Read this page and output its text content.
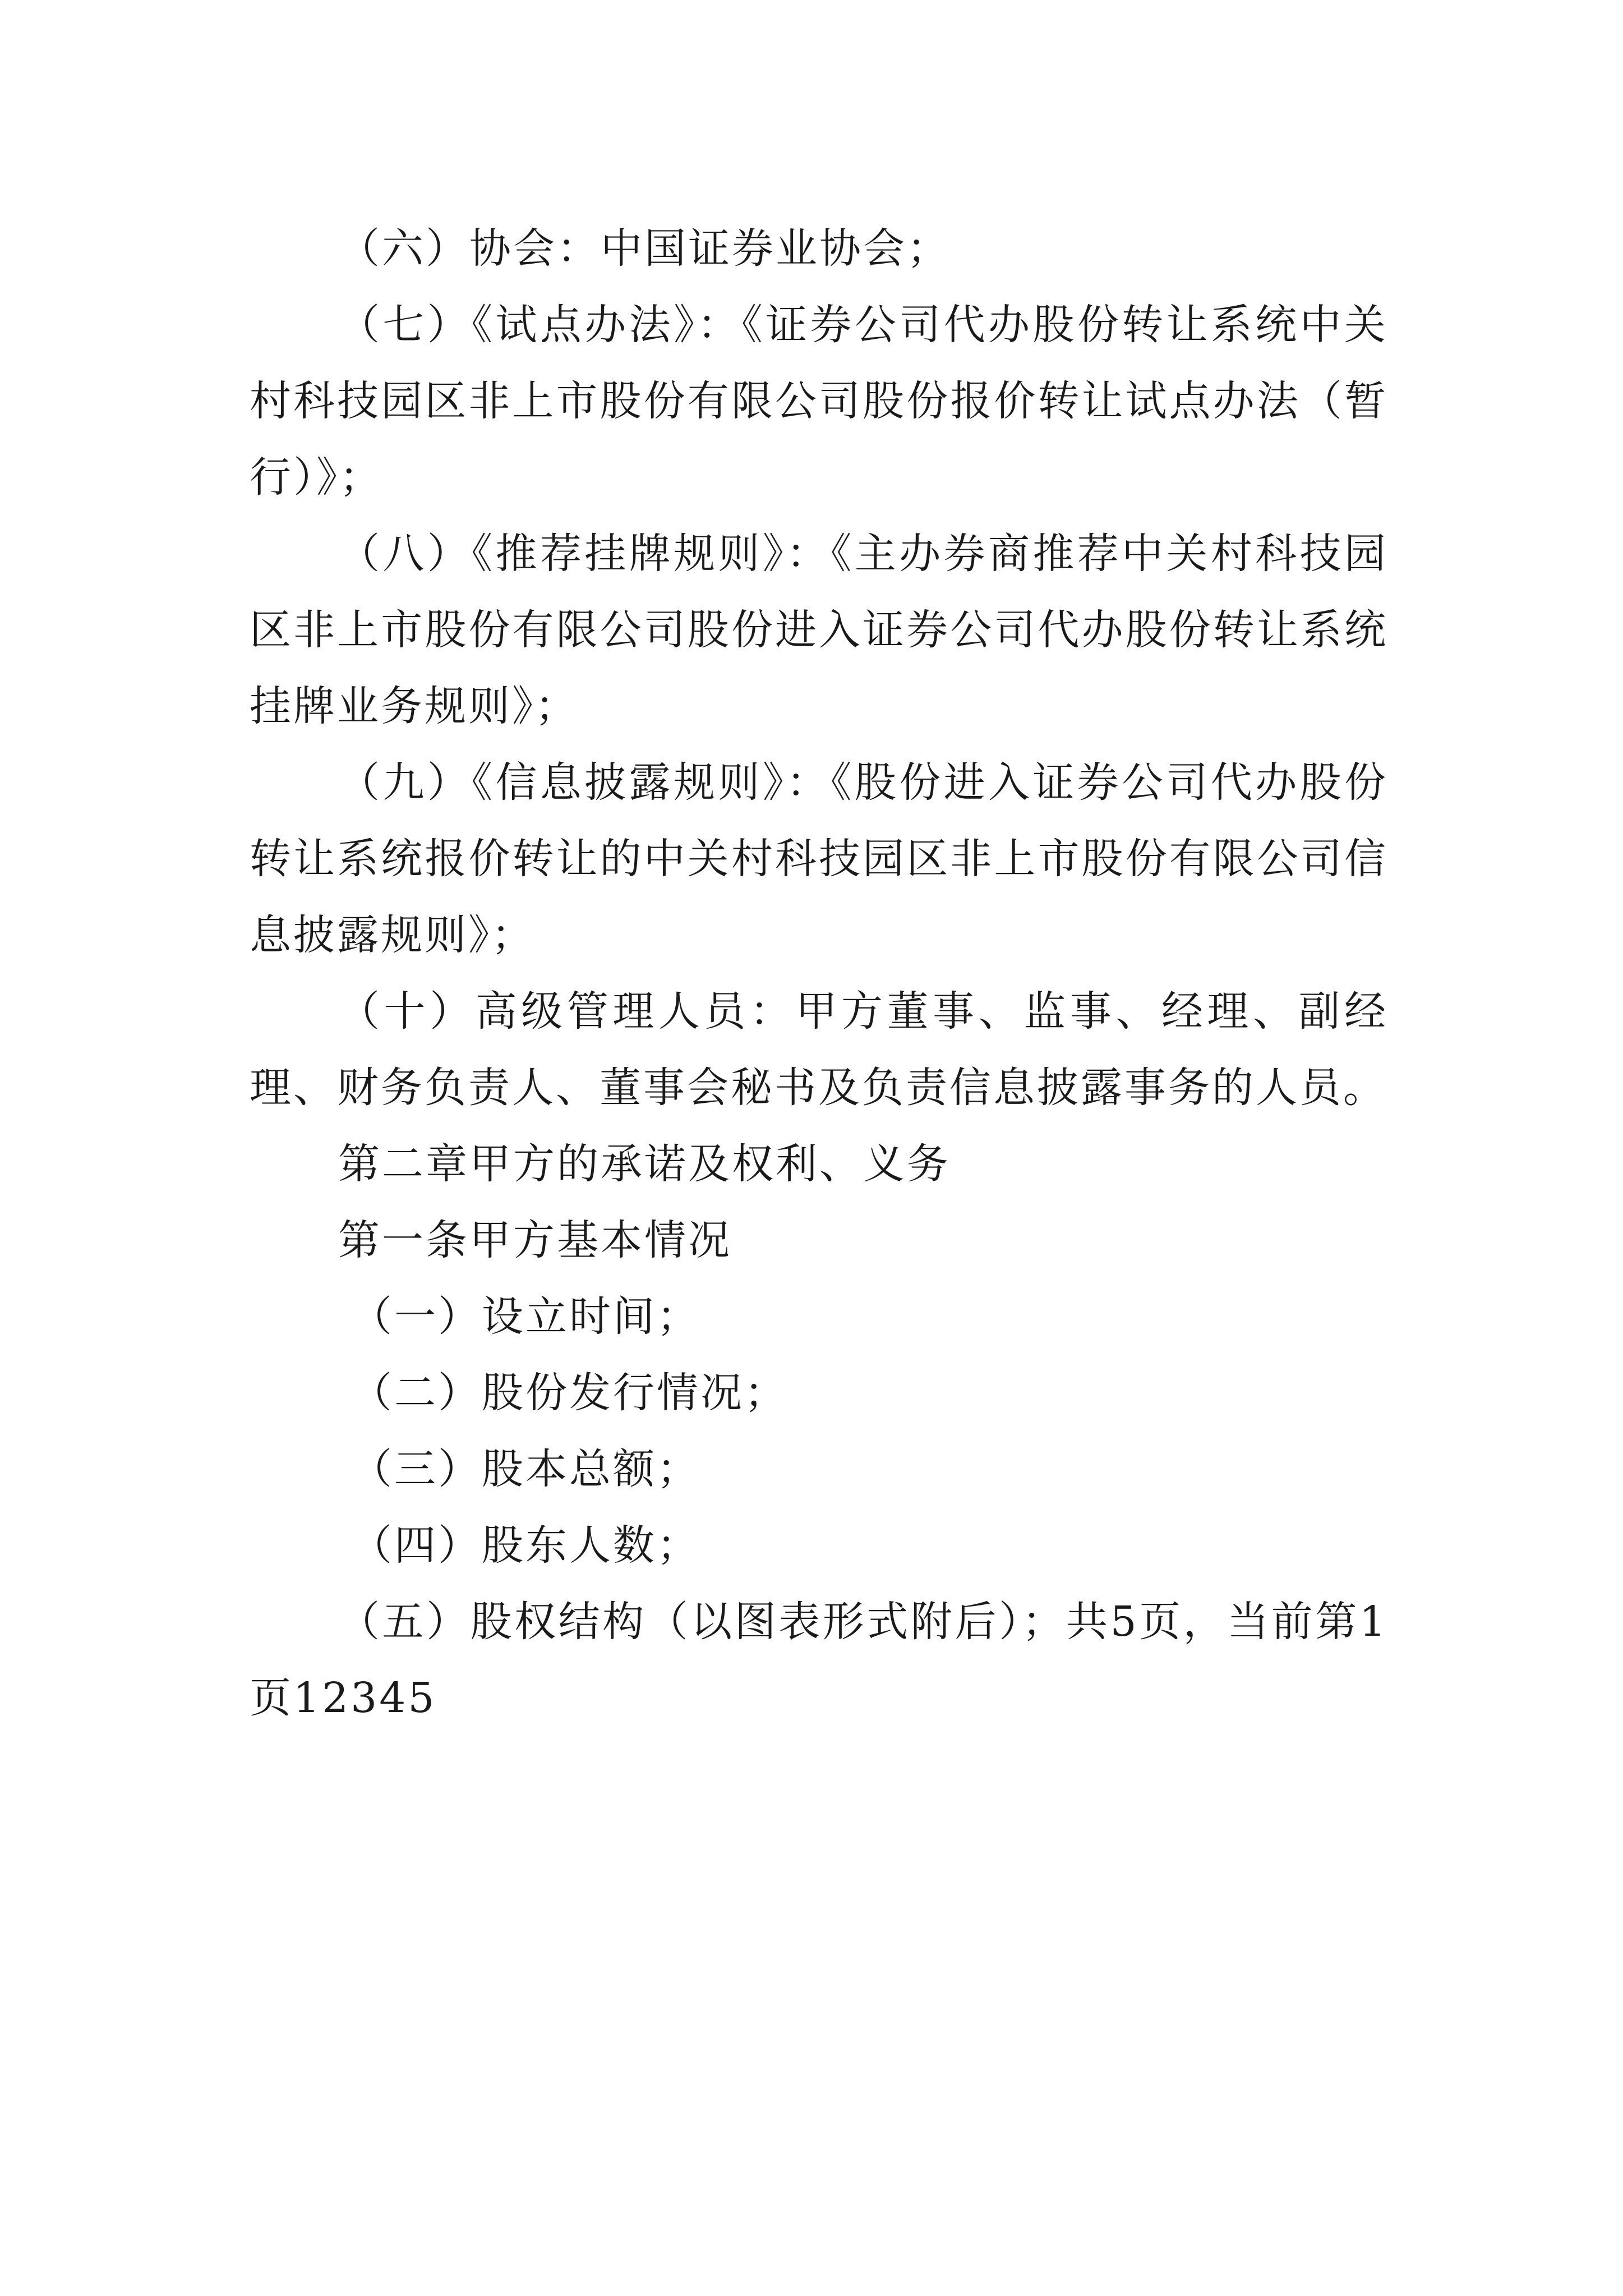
（六）协会：中国证券业协会；

（七）《试点办法》：《证券公司代办股份转让系统中关村科技园区非上市股份有限公司股份报价转让试点办法（暂行）》；

（八）《推荐挂牌规则》：《主办券商推荐中关村科技园区非上市股份有限公司股份进入证券公司代办股份转让系统挂牌业务规则》；

（九）《信息披露规则》：《股份进入证券公司代办股份转让系统报价转让的中关村科技园区非上市股份有限公司信息披露规则》；

（十）高级管理人员：甲方董事、监事、经理、副经理、财务负责人、董事会秘书及负责信息披露事务的人员。

第二章甲方的承诺及权利、义务

第一条甲方基本情况

（一）设立时间；

（二）股份发行情况；

（三）股本总额；

（四）股东人数；

（五）股权结构（以图表形式附后）；共5页，当前第1页12345
